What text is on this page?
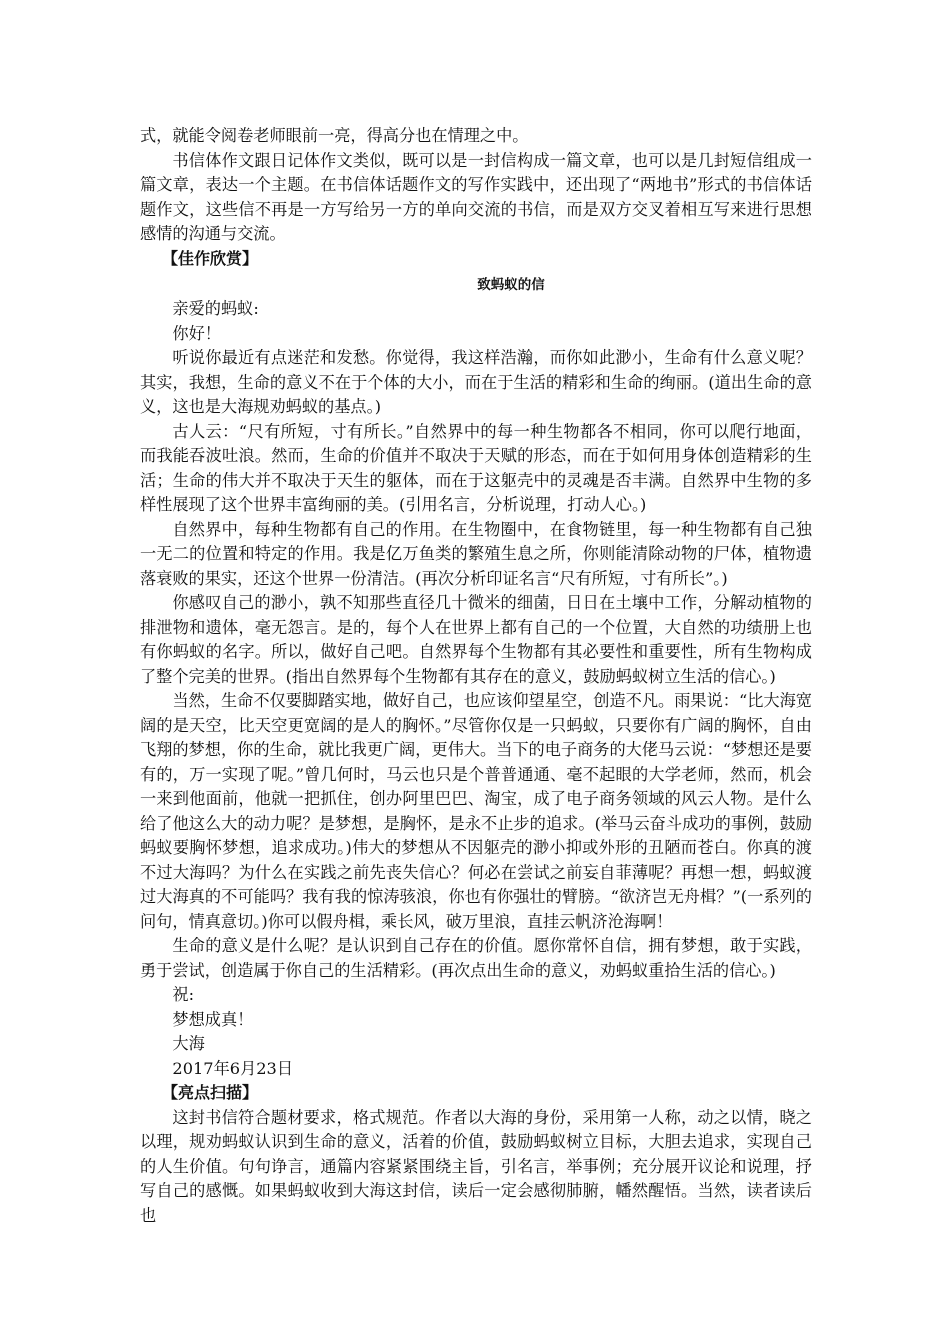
式，就能令阅卷老师眼前一亮，得高分也在情理之中。

书信体作文跟日记体作文类似，既可以是一封信构成一篇文章，也可以是几封短信组成一篇文章，表达一个主题。在书信体话题作文的写作实践中，还出现了“两地书”形式的书信体话题作文，这些信不再是一方写给另一方的单向交流的书信，而是双方交叉着相互写来进行思想感情的沟通与交流。

【佳作欣赏】

致蚂蚁的信

亲爱的蚂蚁:

你好！

听说你最近有点迷茫和发愁。你觉得，我这样浩瀚，而你如此渺小，生命有什么意义呢？其实，我想，生命的意义不在于个体的大小，而在于生活的精彩和生命的绚丽。(道出生命的意义，这也是大海规劝蚂蚁的基点。)

古人云：“尺有所短，寸有所长。”自然界中的每一种生物都各不相同，你可以爬行地面，而我能吞波吐浪。然而，生命的价值并不取决于天赋的形态，而在于如何用身体创造精彩的生活；生命的伟大并不取决于天生的躯体，而在于这躯壳中的灵魂是否丰满。自然界中生物的多样性展现了这个世界丰富绚丽的美。(引用名言，分析说理，打动人心。)

自然界中，每种生物都有自己的作用。在生物圈中，在食物链里，每一种生物都有自己独一无二的位置和特定的作用。我是亿万鱼类的繁殖生息之所，你则能清除动物的尸体，植物遗落衰败的果实，还这个世界一份清洁。(再次分析印证名言“尺有所短，寸有所长”。)

你感叹自己的渺小，孰不知那些直径几十微米的细菌，日日在土壤中工作，分解动植物的排泄物和遗体，毫无怨言。是的，每个人在世界上都有自己的一个位置，大自然的功绩册上也有你蚂蚁的名字。所以，做好自己吧。自然界每个生物都有其必要性和重要性，所有生物构成了整个完美的世界。(指出自然界每个生物都有其存在的意义，鼓励蚂蚁树立生活的信心。)

当然，生命不仅要脚踏实地，做好自己，也应该仰望星空，创造不凡。雨果说：“比大海宽阔的是天空，比天空更宽阔的是人的胸怀。”尽管你仅是一只蚂蚁，只要你有广阔的胸怀，自由飞翔的梦想，你的生命，就比我更广阔，更伟大。当下的电子商务的大佬马云说：“梦想还是要有的，万一实现了呢。”曾几何时，马云也只是个普普通通、毫不起眼的大学老师，然而，机会一来到他面前，他就一把抓住，创办阿里巴巴、淘宝，成了电子商务领域的风云人物。是什么给了他这么大的动力呢？是梦想，是胸怀，是永不止步的追求。(举马云奋斗成功的事例，鼓励蚂蚁要胸怀梦想，追求成功。)伟大的梦想从不因躯壳的渺小抑或外形的丑陋而苍白。你真的渡不过大海吗？为什么在实践之前先丧失信心？何必在尝试之前妄自菲薄呢？再想一想，蚂蚁渡过大海真的不可能吗？我有我的惊涛骇浪，你也有你强壮的臂膀。“欲济岂无舟楫？”(一系列的问句，情真意切。)你可以假舟楫，乘长风，破万里浪，直挂云帆济沧海啊！

生命的意义是什么呢？是认识到自己存在的价值。愿你常怀自信，拥有梦想，敢于实践，勇于尝试，创造属于你自己的生活精彩。(再次点出生命的意义，劝蚂蚁重拾生活的信心。)

祝:

梦想成真！

大海

2017年6月23日

【亮点扫描】

这封书信符合题材要求，格式规范。作者以大海的身份，采用第一人称，动之以情，晓之以理，规劝蚂蚁认识到生命的意义，活着的价值，鼓励蚂蚁树立目标，大胆去追求，实现自己的人生价值。句句诤言，通篇内容紧紧围绕主旨，引名言，举事例；充分展开议论和说理，抒写自己的感慨。如果蚂蚁收到大海这封信，读后一定会感彻肺腑，幡然醒悟。当然，读者读后也
